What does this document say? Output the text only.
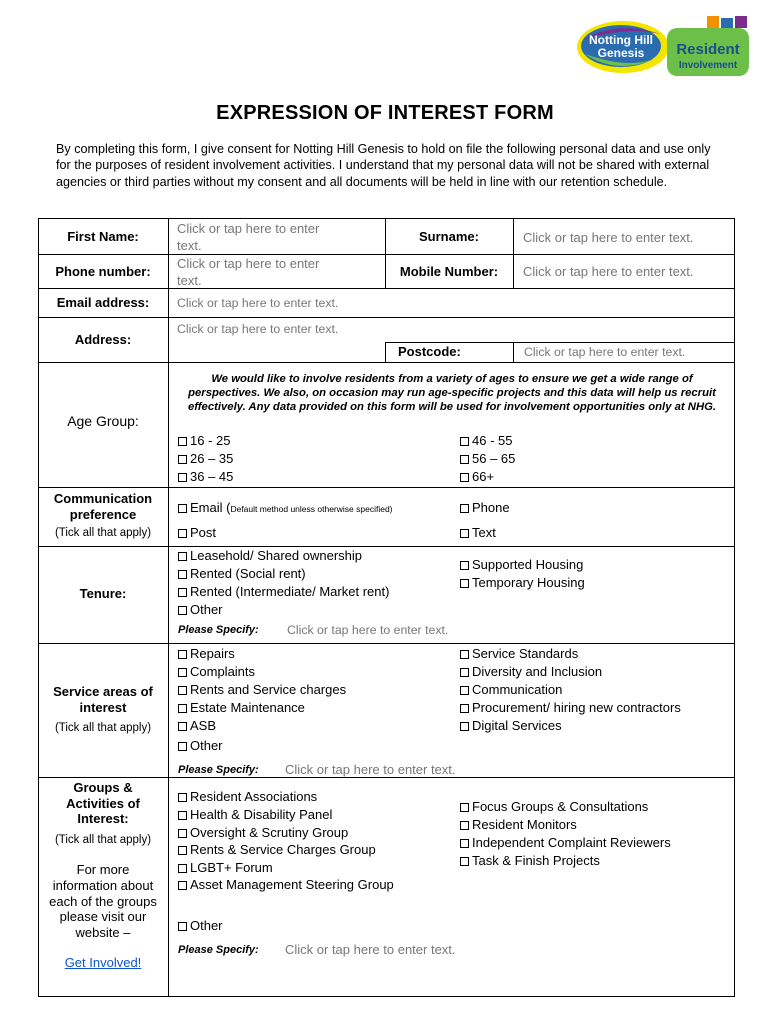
Notting Hill
Genesis Resident
Involvement
EXPRESSION OF INTEREST FORM
By completing this form, I give consent for Notting Hill Genesis to hold on file the following personal data and use only for the purposes of resident involvement activities. I understand that my personal data will not be shared with external agencies or third parties without my consent and all documents will be held in line with our retention schedule.
First Name:
Click or tap here to enter
text.
Surname:	Click or tap here to enter text.
Phone number:
Click or tap here to enter
text.
Mobile Number:	Click or tap here to enter text.
Email address:	Click or tap here to enter text.
Address:
Click or tap here to enter text.
Postcode:	Click or tap here to enter text.
Age Group:
We would like to involve residents from a variety of ages to ensure we get a wide range of perspectives. We also, on occasion may run age-specific projects and this data will help us recruit effectively. Any data provided on this form will be used for involvement opportunities only at NHG.
16 - 25
26 – 35
36 – 45
46 - 55
56 – 65
66+
Communication preference
(Tick all that apply)
Email (Default method unless otherwise specified)	Phone
Post	Text
Tenure:
Leasehold/ Shared ownership
Rented (Social rent)
Rented (Intermediate/ Market rent)
Other
Supported Housing
Temporary Housing
Please Specify: Click or tap here to enter text.
Service areas of interest
(Tick all that apply)
Repairs
Complaints
Rents and Service charges
Estate Maintenance
ASB
Other
Service Standards
Diversity and Inclusion
Communication
Procurement/ hiring new contractors
Digital Services
Please Specify: Click or tap here to enter text.
Groups & Activities of Interest:
(Tick all that apply)
For more information about each of the groups please visit our website –
Get Involved!
Resident Associations
Health & Disability Panel
Oversight & Scrutiny Group
Rents & Service Charges Group
LGBT+ Forum
Asset Management Steering Group
Other
Focus Groups & Consultations
Resident Monitors
Independent Complaint Reviewers
Task & Finish Projects
Please Specify: Click or tap here to enter text.
